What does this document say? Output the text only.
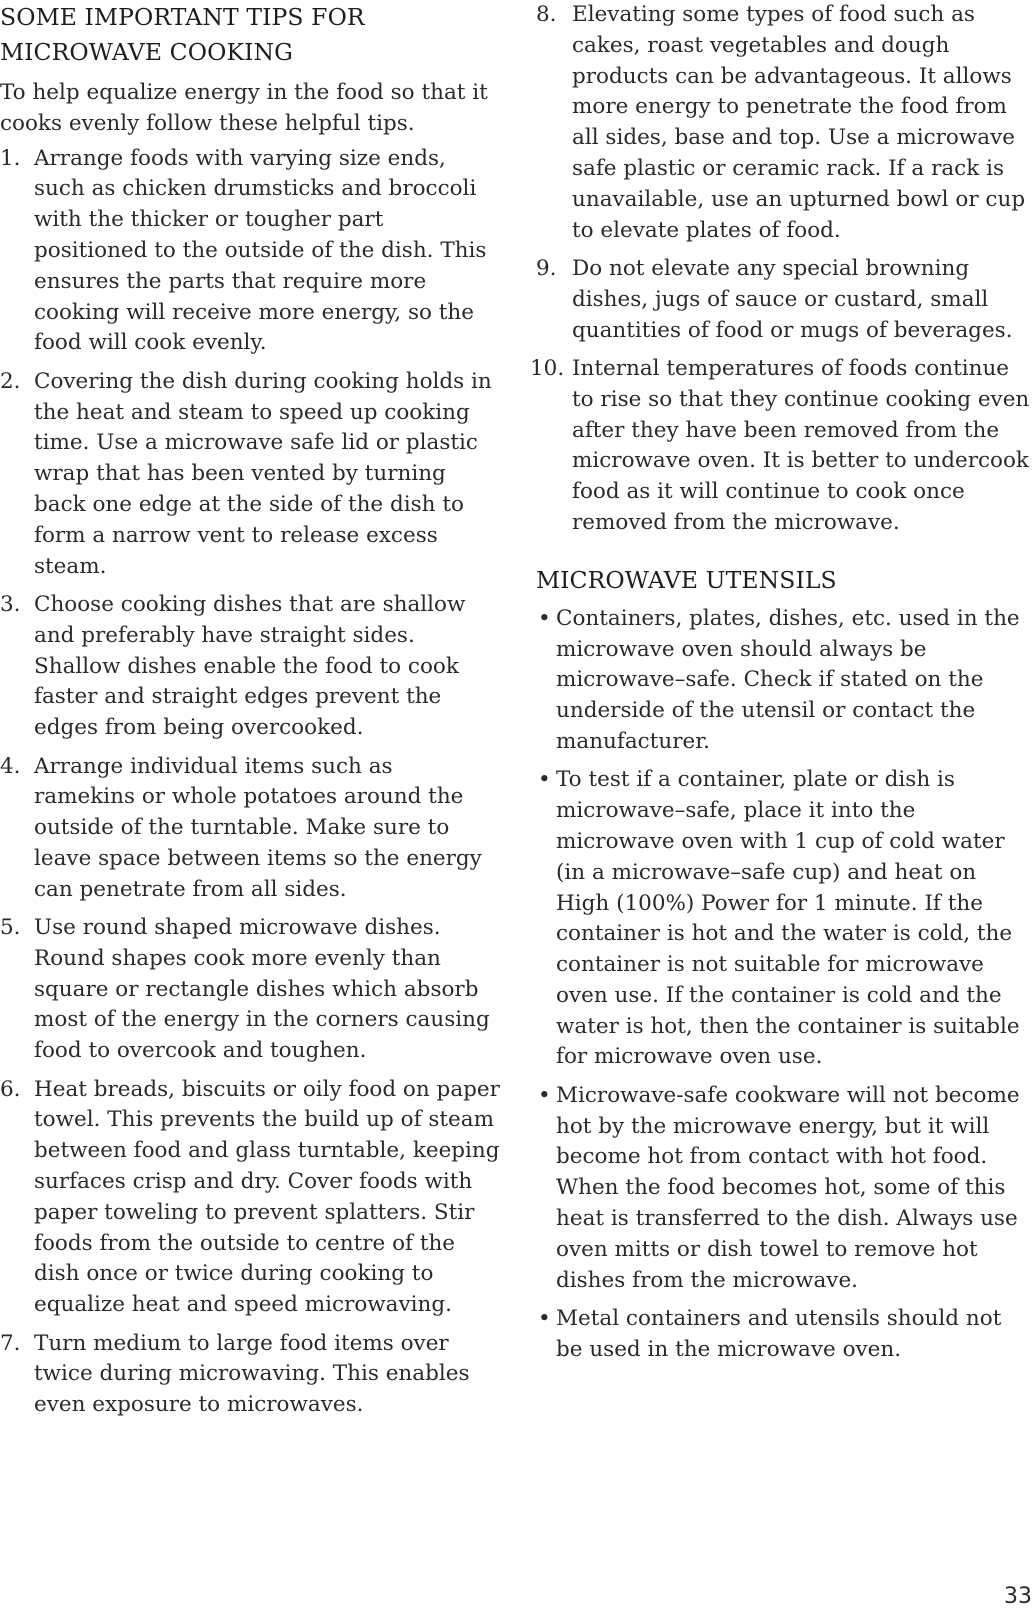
SOME IMPORTANT TIPS FOR MICROWAVE COOKING

To help equalize energy in the food so that it cooks evenly follow these helpful tips.

1. Arrange foods with varying size ends, such as chicken drumsticks and broccoli with the thicker or tougher part positioned to the outside of the dish. This ensures the parts that require more cooking will receive more energy, so the food will cook evenly.
2. Covering the dish during cooking holds in the heat and steam to speed up cooking time. Use a microwave safe lid or plastic wrap that has been vented by turning back one edge at the side of the dish to form a narrow vent to release excess steam.
3. Choose cooking dishes that are shallow and preferably have straight sides. Shallow dishes enable the food to cook faster and straight edges prevent the edges from being overcooked.
4. Arrange individual items such as ramekins or whole potatoes around the outside of the turntable. Make sure to leave space between items so the energy can penetrate from all sides.
5. Use round shaped microwave dishes. Round shapes cook more evenly than square or rectangle dishes which absorb most of the energy in the corners causing food to overcook and toughen.
6. Heat breads, biscuits or oily food on paper towel. This prevents the build up of steam between food and glass turntable, keeping surfaces crisp and dry. Cover foods with paper toweling to prevent splatters. Stir foods from the outside to centre of the dish once or twice during cooking to equalize heat and speed microwaving.
7. Turn medium to large food items over twice during microwaving. This enables even exposure to microwaves.
8. Elevating some types of food such as cakes, roast vegetables and dough products can be advantageous. It allows more energy to penetrate the food from all sides, base and top. Use a microwave safe plastic or ceramic rack. If a rack is unavailable, use an upturned bowl or cup to elevate plates of food.
9. Do not elevate any special browning dishes, jugs of sauce or custard, small quantities of food or mugs of beverages.
10. Internal temperatures of foods continue to rise so that they continue cooking even after they have been removed from the microwave oven. It is better to undercook food as it will continue to cook once removed from the microwave.
MICROWAVE UTENSILS
• Containers, plates, dishes, etc. used in the microwave oven should always be microwave–safe. Check if stated on the underside of the utensil or contact the manufacturer.
• To test if a container, plate or dish is microwave–safe, place it into the microwave oven with 1 cup of cold water (in a microwave–safe cup) and heat on High (100%) Power for 1 minute. If the container is hot and the water is cold, the container is not suitable for microwave oven use. If the container is cold and the water is hot, then the container is suitable for microwave oven use.
• Microwave-safe cookware will not become hot by the microwave energy, but it will become hot from contact with hot food. When the food becomes hot, some of this heat is transferred to the dish. Always use oven mitts or dish towel to remove hot dishes from the microwave.
• Metal containers and utensils should not be used in the microwave oven.
33
